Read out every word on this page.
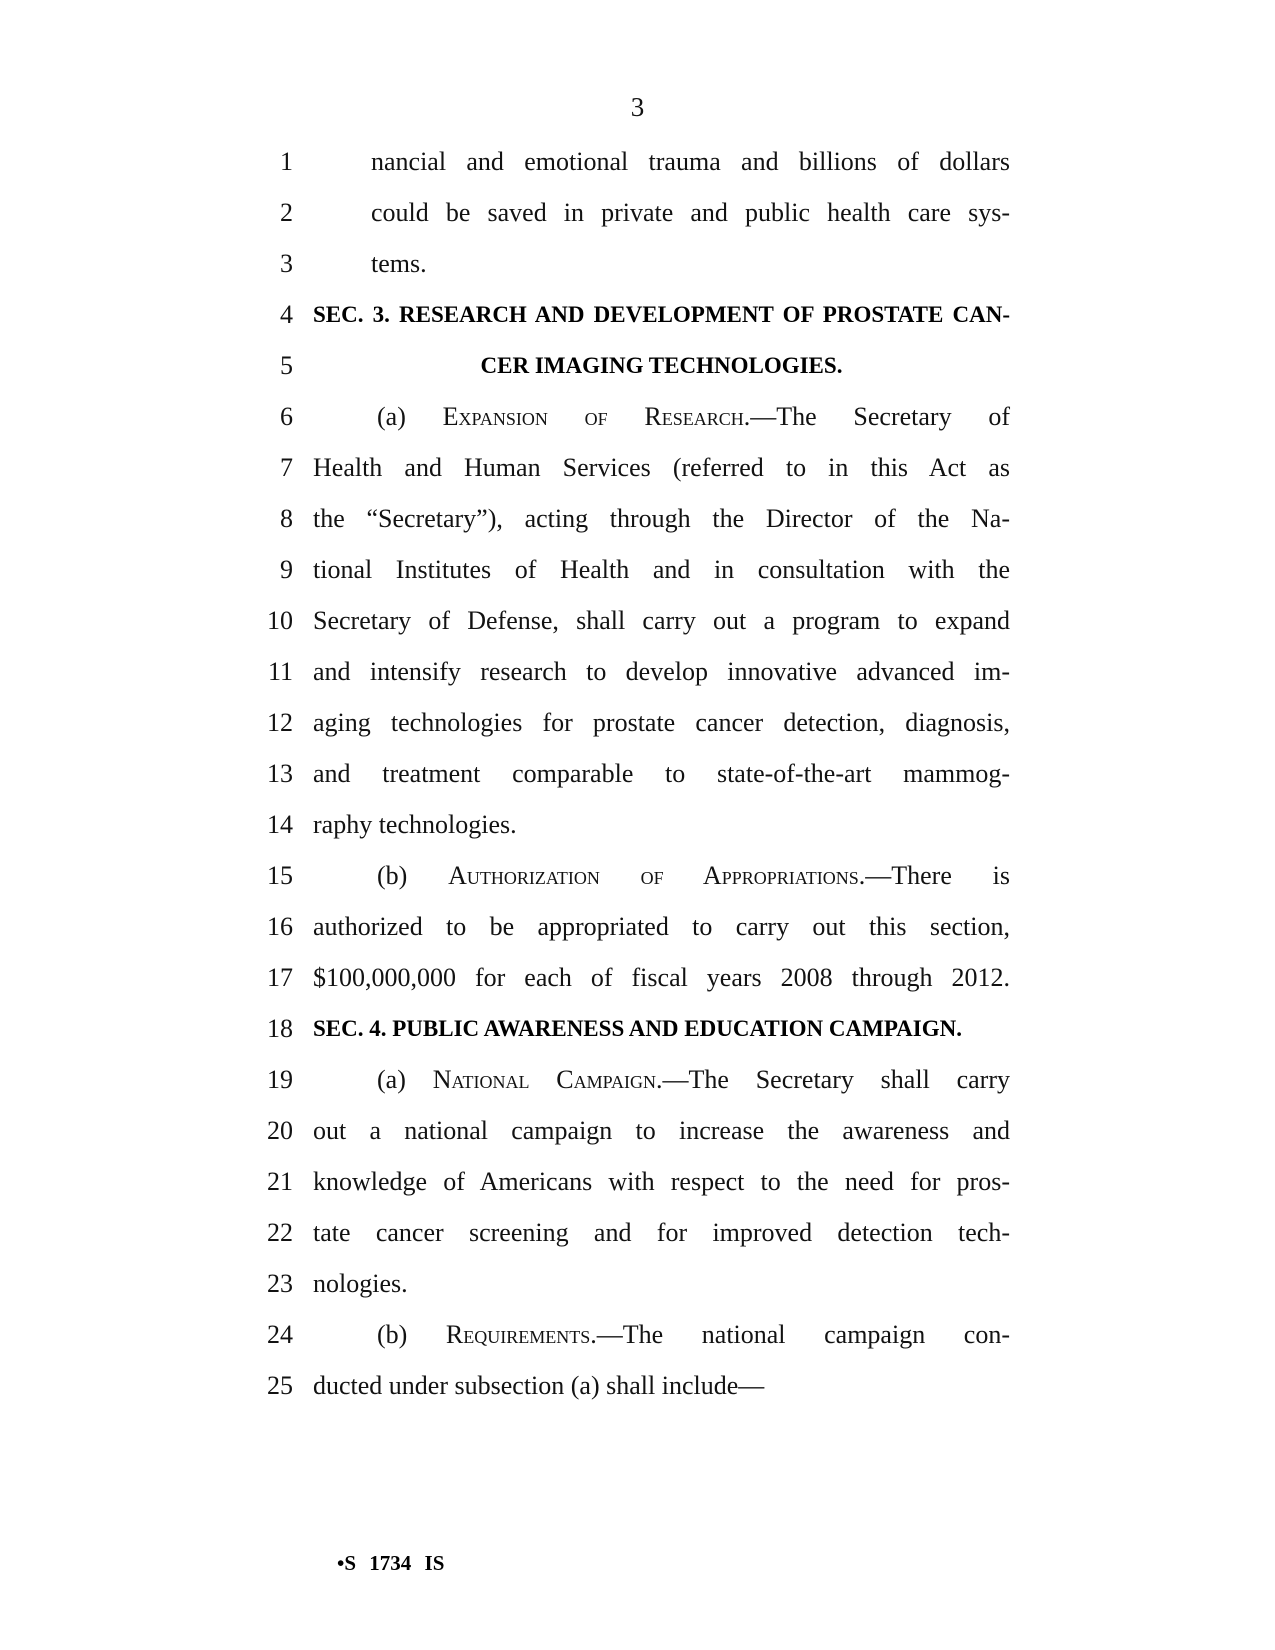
3
1	nancial and emotional trauma and billions of dollars
2	could be saved in private and public health care sys-
3	tems.
4 SEC. 3. RESEARCH AND DEVELOPMENT OF PROSTATE CAN-
5	CER IMAGING TECHNOLOGIES.
6	(a) Expansion of Research.—The Secretary of
7 Health and Human Services (referred to in this Act as
8 the “Secretary”), acting through the Director of the Na-
9 tional Institutes of Health and in consultation with the
10 Secretary of Defense, shall carry out a program to expand
11 and intensify research to develop innovative advanced im-
12 aging technologies for prostate cancer detection, diagnosis,
13 and treatment comparable to state-of-the-art mammog-
14 raphy technologies.
15	(b) Authorization of Appropriations.—There is
16 authorized to be appropriated to carry out this section,
17 $100,000,000 for each of fiscal years 2008 through 2012.
18 SEC. 4. PUBLIC AWARENESS AND EDUCATION CAMPAIGN.
19	(a) National Campaign.—The Secretary shall carry
20 out a national campaign to increase the awareness and
21 knowledge of Americans with respect to the need for pros-
22 tate cancer screening and for improved detection tech-
23 nologies.
24	(b) Requirements.—The national campaign con-
25 ducted under subsection (a) shall include—
•S 1734 IS
